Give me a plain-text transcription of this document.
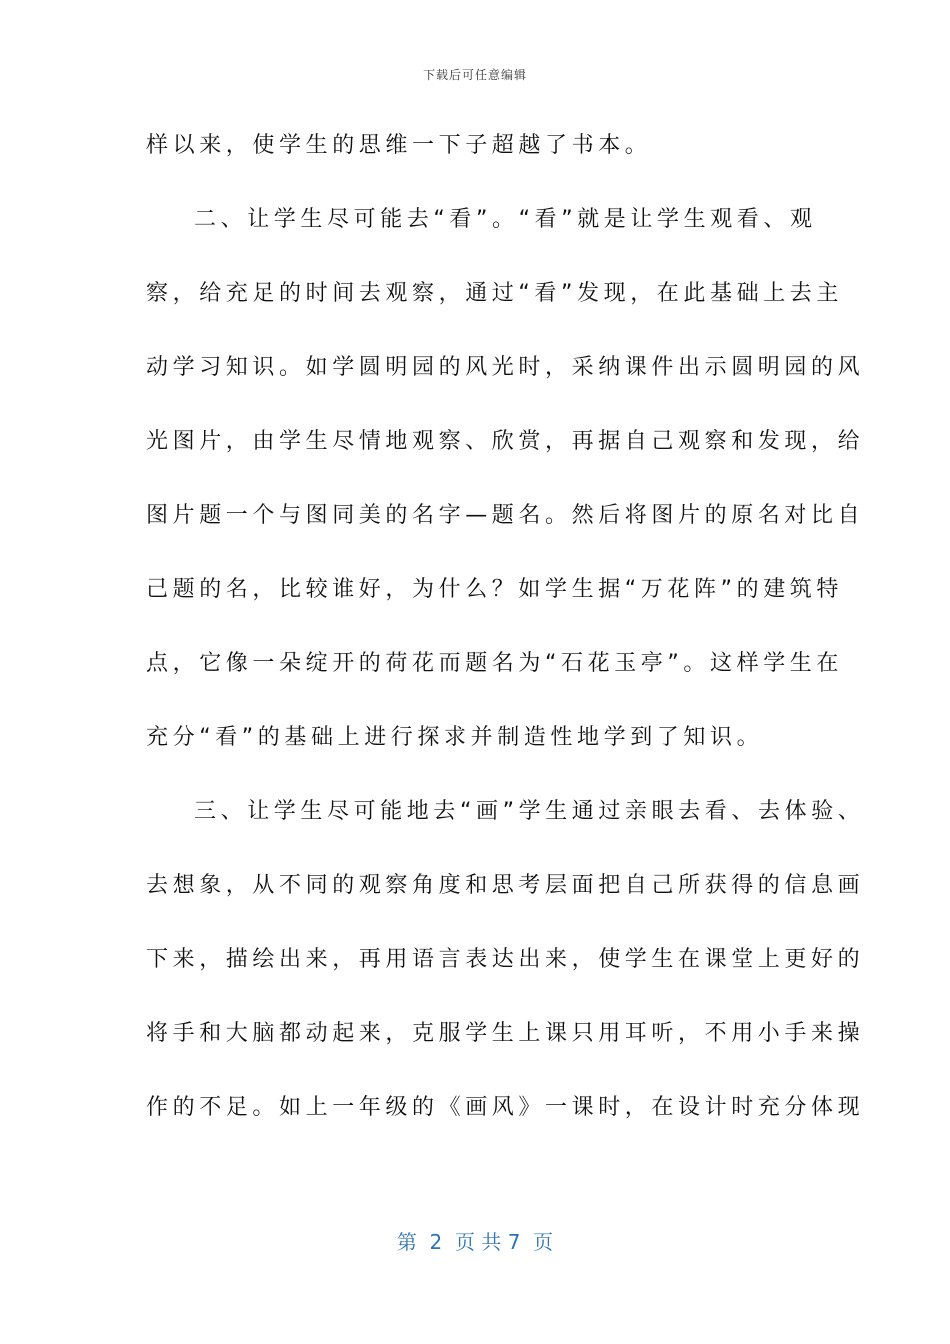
下载后可任意编辑
样以来，使学生的思维一下子超越了书本。
二、让学生尽可能去“看”。“看”就是让学生观看、观
察，给充足的时间去观察，通过“看”发现，在此基础上去主
动学习知识。如学圆明园的风光时，采纳课件出示圆明园的风
光图片，由学生尽情地观察、欣赏，再据自己观察和发现，给
图片题一个与图同美的名字—题名。然后将图片的原名对比自
己题的名，比较谁好，为什么？如学生据“万花阵”的建筑特
点，它像一朵绽开的荷花而题名为“石花玉亭”。这样学生在
充分“看”的基础上进行探求并制造性地学到了知识。
三、让学生尽可能地去“画”学生通过亲眼去看、去体验、
去想象，从不同的观察角度和思考层面把自己所获得的信息画
下来，描绘出来，再用语言表达出来，使学生在课堂上更好的
将手和大脑都动起来，克服学生上课只用耳听，不用小手来操
作的不足。如上一年级的《画风》一课时，在设计时充分体现
第  2  页 共 7  页
